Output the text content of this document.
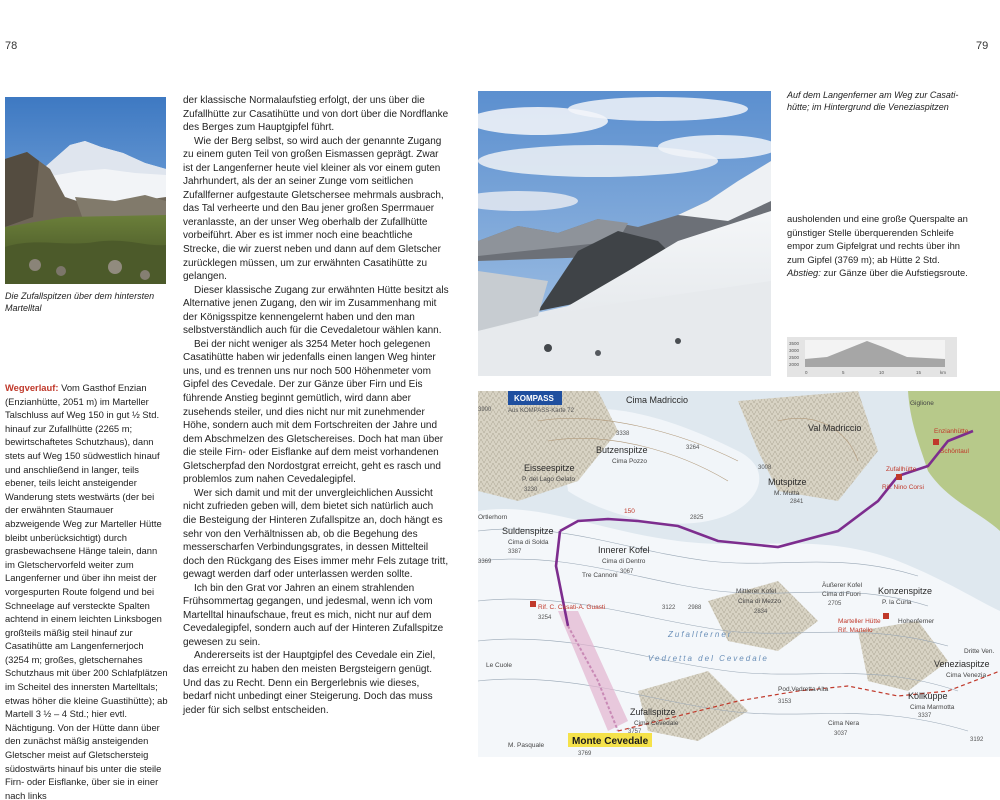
78	79
Die Zufallspitzen über dem hintersten Martelltal
Wegverlauf: Vom Gasthof Enzian (Enzianhütte, 2051 m) im Marteller Talschluss auf Weg 150 in gut ½ Std. hinauf zur Zufallhütte (2265 m; bewirtschaftetes Schutzhaus), dann stets auf Weg 150 südwestlich hinauf und anschließend in langer, teils ebener, teils leicht ansteigender Wanderung stets westwärts (der bei der erwähnten Staumauer abzweigende Weg zur Marteller Hütte bleibt unberücksichtigt) durch grasbewachsene Hänge talein, dann im Gletschervorfeld weiter zum Langenferner und über ihn meist der vorgespurten Route folgend und bei Schneelage auf versteckte Spalten achtend in einem leichten Linksbogen großteils mäßig steil hinauf zur Casatihütte am Langenfernerjoch (3254 m; großes, gletschernahes Schutzhaus mit über 200 Schlafplätzen im Scheitel des innersten Martelltals; etwas höher die kleine Guastihütte); ab Martell 3 ½ – 4 Std.; hier evtl. Nächtigung. Von der Hütte dann über den zunächst mäßig ansteigenden Gletscher meist auf Gletschersteig südostwärts hinauf bis unter die steile Firn- oder Eisflanke, über sie in einer nach links

der klassische Normalaufstieg erfolgt, der uns über die Zufallhütte zur Casatihütte und von dort über die Nordflanke des Berges zum Hauptgipfel führt.

Wie der Berg selbst, so wird auch der genannte Zugang zu einem guten Teil von großen Eismassen geprägt. Zwar ist der Langenferner heute viel kleiner als vor einem guten Jahrhundert, als der an seiner Zunge vom seitlichen Zufallferner aufgestaute Gletschersee mehrmals ausbrach, das Tal verheerte und den Bau jener großen Sperrmauer veranlasste, an der unser Weg oberhalb der Zufallhütte vorbeiführt. Aber es ist immer noch eine beachtliche Strecke, die wir zuerst neben und dann auf dem Gletscher zurücklegen müssen, um zur erwähnten Casatihütte zu gelangen.

Dieser klassische Zugang zur erwähnten Hütte besitzt als Alternative jenen Zugang, den wir im Zusammenhang mit der Königsspitze kennengelernt haben und den man selbstverständlich auch für die Cevedaletour wählen kann.

Bei der nicht weniger als 3254 Meter hoch gelegenen Casatihütte haben wir jedenfalls einen langen Weg hinter uns, und es trennen uns nur noch 500 Höhenmeter vom Gipfel des Cevedale. Der zur Gänze über Firn und Eis führende Anstieg beginnt gemütlich, wird dann aber zusehends steiler, und dies nicht nur mit zunehmender Höhe, sondern auch mit dem Fortschreiten der Jahre und dem Abschmelzen des Gletschereises. Doch hat man über die steile Firn- oder Eisflanke auf dem meist vorhandenen Gletscherpfad den Nordostgrat erreicht, geht es rasch und problemlos zum nahen Cevedalegipfel.

Wer sich damit und mit der unvergleichlichen Aussicht nicht zufrieden geben will, dem bietet sich natürlich auch die Besteigung der Hinteren Zufallspitze an, doch hängt es sehr von den Verhältnissen ab, ob die Begehung des messerscharfen Verbindungsgrates, in dessen Mittelteil doch den Rückgang des Eises immer mehr Fels zutage tritt, gewagt werden darf oder unterlassen werden sollte.

Ich bin den Grat vor Jahren an einem strahlenden Frühsommertag gegangen, und jedesmal, wenn ich vom Martelltal hinaufschaue, freut es mich, nicht nur auf dem Cevedalegipfel, sondern auch auf der Hinteren Zufallspitze gewesen zu sein.

Andererseits ist der Hauptgipfel des Cevedale ein Ziel, das erreicht zu haben den meisten Bergsteigern genügt. Und das zu Recht. Denn ein Bergerlebnis wie dieses, bedarf nicht unbedingt einer Steigerung. Doch das muss jeder für sich selbst entscheiden.

Auf dem Langenferner am Weg zur Casatihütte; im Hintergrund die Veneziaspitzen
ausholenden und eine große Querspalte an günstiger Stelle überquerenden Schleife empor zum Gipfelgrat und rechts über ihn zum Gipfel (3769 m); ab Hütte 2 Std.
Abstieg: zur Gänze über die Aufstiegsroute.
3500
3000
2500
2000
0	5	10	15	km
KOMPASS
Aus KOMPASS-Karte 72
Cima Madriccio	Giglione
Butzenspitze
Cima Pozzo
Eisseespitze
P. del Lago Gelato	Mutspitze
M. Mutta
Val Madriccio
Schöntaul
Zufallhütte
Rif. Nino Corsi
Suldenspitze
Cima di Solda
Ortlerhorn
Innerer Kofel
Cima di Dentro
Tre Cannoni
Mittlerer Kofel
Cima di Mezzo
Äußerer Kofel
Cima di Fuori Konzenspitze
P. la Curia
Marteller Hütte
Rif. Martello
Rif. C. Casati-A. Guasti
Zufallferner
Vedretta del Cevedale
Zufallspitze
Cima Cevedale
Monte Cevedale
M. Pasquale
Köllkuppe
Cima Marmotta
Veneziaspitze
Cima Venezia
Dritte Ven.
Cima Nera
Hohenferner
Pod.Vedretta Alta
Enzianhütte
Le Cuole
150
3900
3338
3264
3230
3008
2841
3369
3387
3067
3122 2988
2834
2705
3757
3769
3337
3153
3037
3192
2825
3254
